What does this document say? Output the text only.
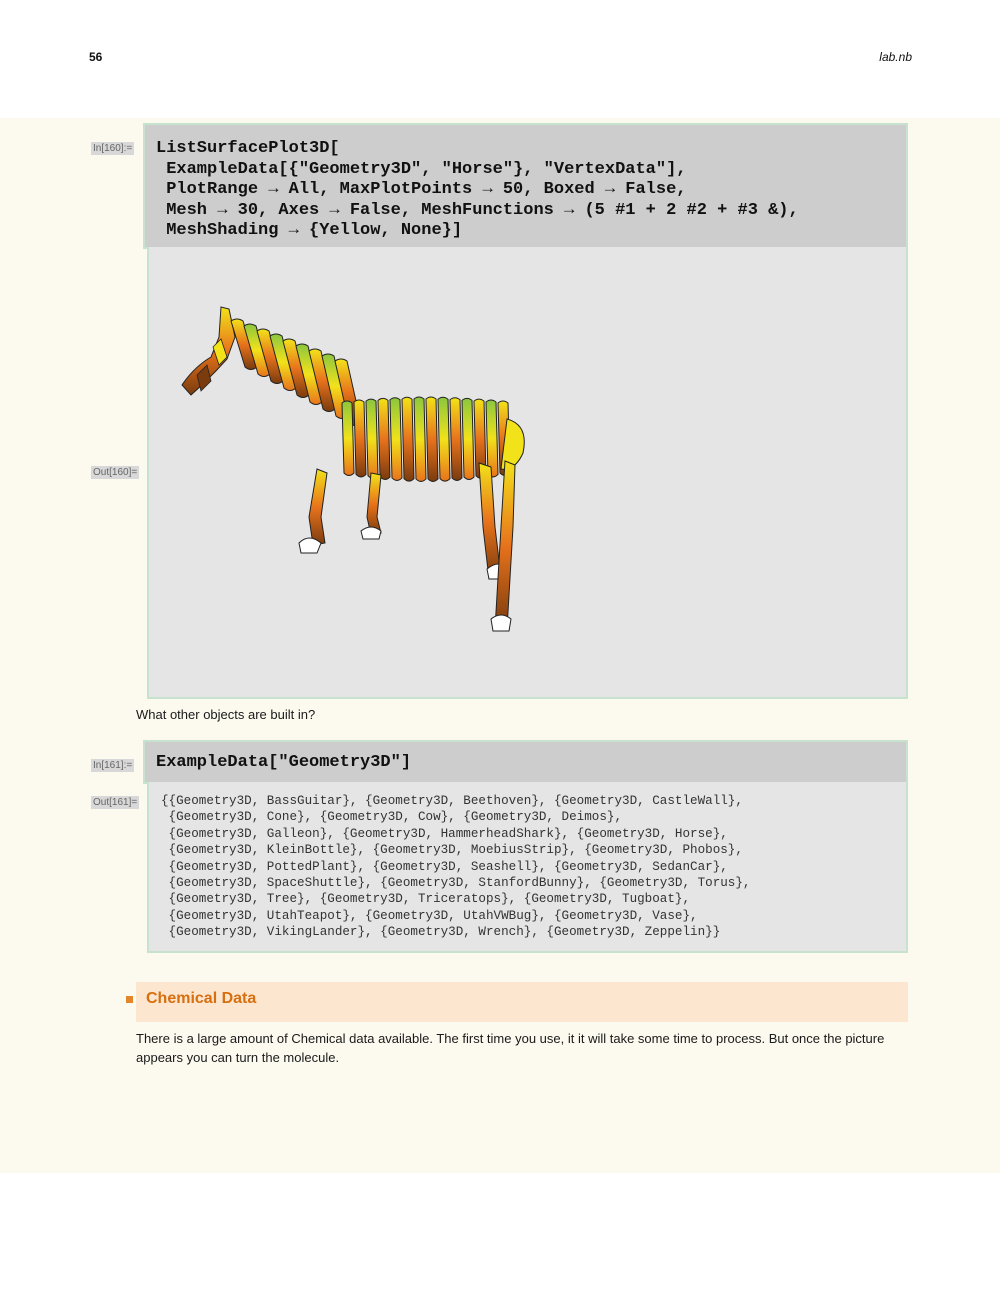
56	lab.nb
In[160]:= ListSurfacePlot3D[
ExampleData[{"Geometry3D", "Horse"}, "VertexData"],
PlotRange → All, MaxPlotPoints → 50, Boxed → False,
Mesh → 30, Axes → False, MeshFunctions → (5 #1 + 2 #2 + #3 &),
MeshShading → {Yellow, None}]
Out[160]=
What other objects are built in?
In[161]:= ExampleData["Geometry3D"]
Out[161]= {{Geometry3D, BassGuitar}, {Geometry3D, Beethoven}, {Geometry3D, CastleWall},
{Geometry3D, Cone}, {Geometry3D, Cow}, {Geometry3D, Deimos},
{Geometry3D, Galleon}, {Geometry3D, HammerheadShark}, {Geometry3D, Horse},
{Geometry3D, KleinBottle}, {Geometry3D, MoebiusStrip}, {Geometry3D, Phobos},
{Geometry3D, PottedPlant}, {Geometry3D, Seashell}, {Geometry3D, SedanCar},
{Geometry3D, SpaceShuttle}, {Geometry3D, StanfordBunny}, {Geometry3D, Torus},
{Geometry3D, Tree}, {Geometry3D, Triceratops}, {Geometry3D, Tugboat},
{Geometry3D, UtahTeapot}, {Geometry3D, UtahVWBug}, {Geometry3D, Vase},
{Geometry3D, VikingLander}, {Geometry3D, Wrench}, {Geometry3D, Zeppelin}}
Chemical Data
There is a large amount of Chemical data available. The first time you use, it it will take some time to process. But once the picture
appears you can turn the molecule.
